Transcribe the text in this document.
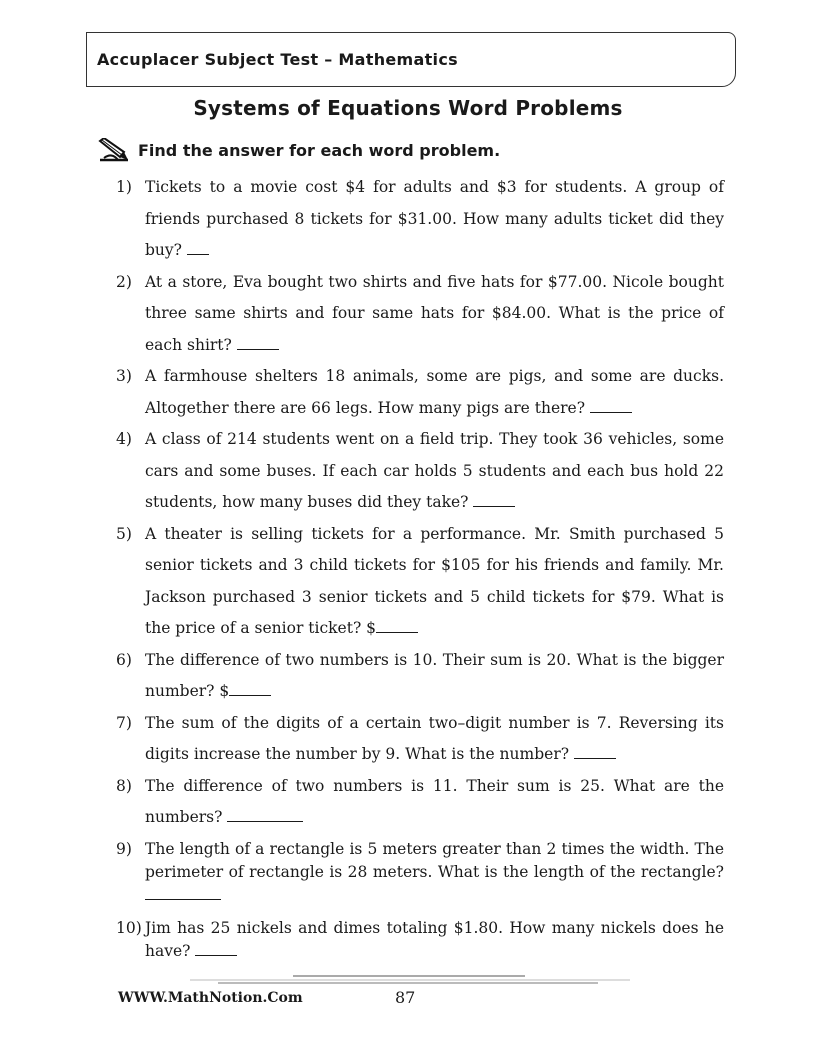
Accuplacer Subject Test – Mathematics
Systems of Equations Word Problems
Find the answer for each word problem.
1) Tickets to a movie cost $4 for adults and $3 for students. A group of friends purchased 8 tickets for $31.00. How many adults ticket did they buy?
2) At a store, Eva bought two shirts and five hats for $77.00. Nicole bought three same shirts and four same hats for $84.00. What is the price of each shirt?
3) A farmhouse shelters 18 animals, some are pigs, and some are ducks. Altogether there are 66 legs. How many pigs are there?
4) A class of 214 students went on a field trip. They took 36 vehicles, some cars and some buses. If each car holds 5 students and each bus hold 22 students, how many buses did they take?
5) A theater is selling tickets for a performance. Mr. Smith purchased 5 senior tickets and 3 child tickets for $105 for his friends and family. Mr. Jackson purchased 3 senior tickets and 5 child tickets for $79. What is the price of a senior ticket? $
6) The difference of two numbers is 10. Their sum is 20. What is the bigger number? $
7) The sum of the digits of a certain two–digit number is 7. Reversing its digits increase the number by 9. What is the number?
8) The difference of two numbers is 11. Their sum is 25. What are the numbers?
9) The length of a rectangle is 5 meters greater than 2 times the width. The perimeter of rectangle is 28 meters. What is the length of the rectangle?
10) Jim has 25 nickels and dimes totaling $1.80. How many nickels does he have?
WWW.MathNotion.Com	87
